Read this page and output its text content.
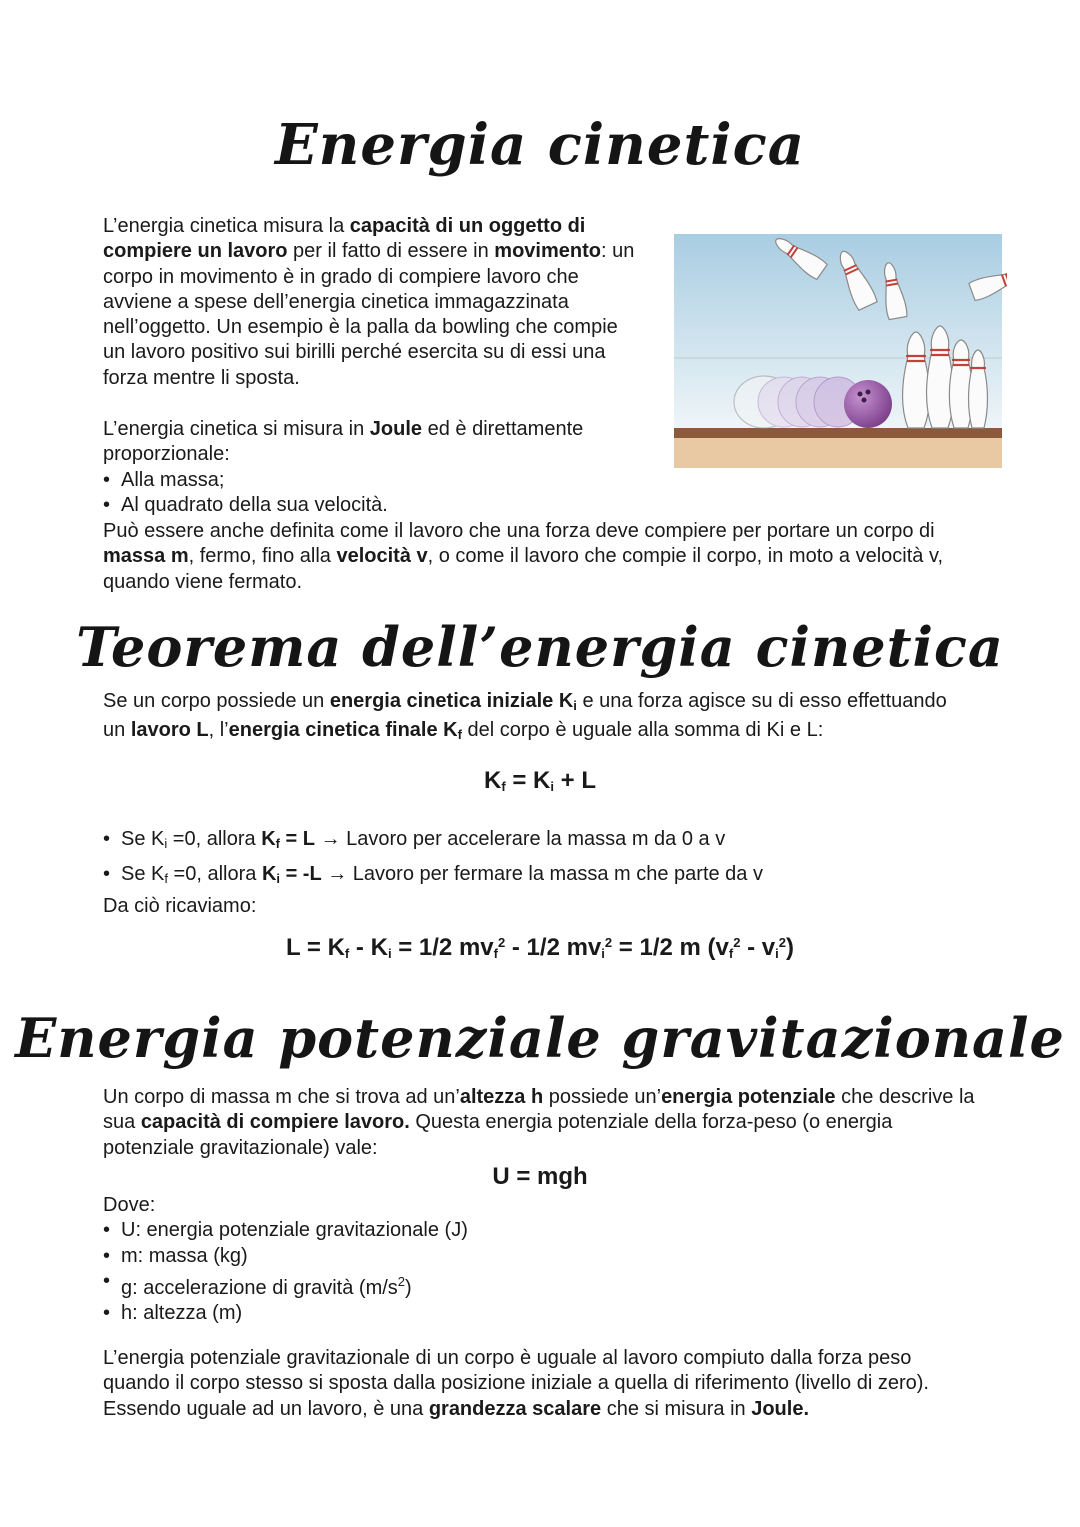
Energia cinetica
L’energia cinetica misura la capacità di un oggetto di compiere un lavoro per il fatto di essere in movimento: un corpo in movimento è in grado di compiere lavoro che avviene a spese dell’energia cinetica immagazzinata nell’oggetto. Un esempio è la palla da bowling che compie un lavoro positivo sui birilli perché esercita su di essi una forza mentre li sposta.
L’energia cinetica si misura in Joule ed è direttamente proporzionale:
• Alla massa;
• Al quadrato della sua velocità.
Può essere anche definita come il lavoro che una forza deve compiere per portare un corpo di massa m, fermo, fino alla velocità v, o come il lavoro che compie il corpo, in moto a velocità v, quando viene fermato.
Teorema dell’energia cinetica
Se un corpo possiede un energia cinetica iniziale $K_i$ e una forza agisce su di esso effettuando un lavoro L, l’energia cinetica finale $K_f$ del corpo è uguale alla somma di Ki e L:
$K_f = K_i + L$
• Se $K_i =0$, allora $K_f = L$ → Lavoro per accelerare la massa m da 0 a v
• Se $K_f =0$, allora $K_i = -L$ → Lavoro per fermare la massa m che parte da v
Da ciò ricaviamo:
$L = K_f - K_i = 1/2$ $mv_f^2 - 1/2$ $mv_i^2 = 1/2$ m $(v_f^2 - v_i^2)$
Energia potenziale gravitazionale
Un corpo di massa m che si trova ad un’altezza h possiede un’energia potenziale che descrive la sua capacità di compiere lavoro. Questa energia potenziale della forza-peso (o energia potenziale gravitazionale) vale:
U = mgh
Dove:
• U: energia potenziale gravitazionale (J)
• m: massa (kg)
• g: accelerazione di gravità $(m/s^2)$
• h: altezza (m)
L’energia potenziale gravitazionale di un corpo è uguale al lavoro compiuto dalla forza peso quando il corpo stesso si sposta dalla posizione iniziale a quella di riferimento (livello di zero). Essendo uguale ad un lavoro, è una grandezza scalare che si misura in Joule.
